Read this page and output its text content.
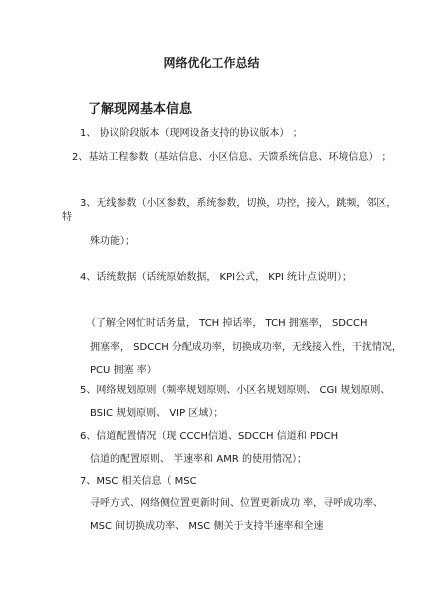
网络优化工作总结
了解现网基本信息
1、 协议阶段版本（现网设备支持的协议版本） ；
2、基站工程参数（基站信息、小区信息、天馈系统信息、环境信息） ；
3、无线参数（小区参数，系统参数，切换，功控，接入，跳频，邻区，
特
殊功能）；
4、话统数据（话统原始数据， KPI公式， KPI 统计点说明）；
（了解全网忙时话务量， TCH 掉话率， TCH 拥塞率， SDCCH
拥塞率， SDCCH 分配成功率，切换成功率，无线接入性，干扰情况，
PCU 拥塞 率）
5、网络规划原则（频率规划原则、小区名规划原则、 CGI 规划原则、
BSIC 规划原则、 VIP 区域）；
6、信道配置情况（现 CCCH信道、SDCCH 信道和 PDCH
信道的配置原则、 半速率和 AMR 的使用情况）；
7、MSC 相关信息（ MSC
寻呼方式、网络侧位置更新时间、位置更新成功 率，寻呼成功率、
MSC 间切换成功率、 MSC 侧关于支持半速率和全速
